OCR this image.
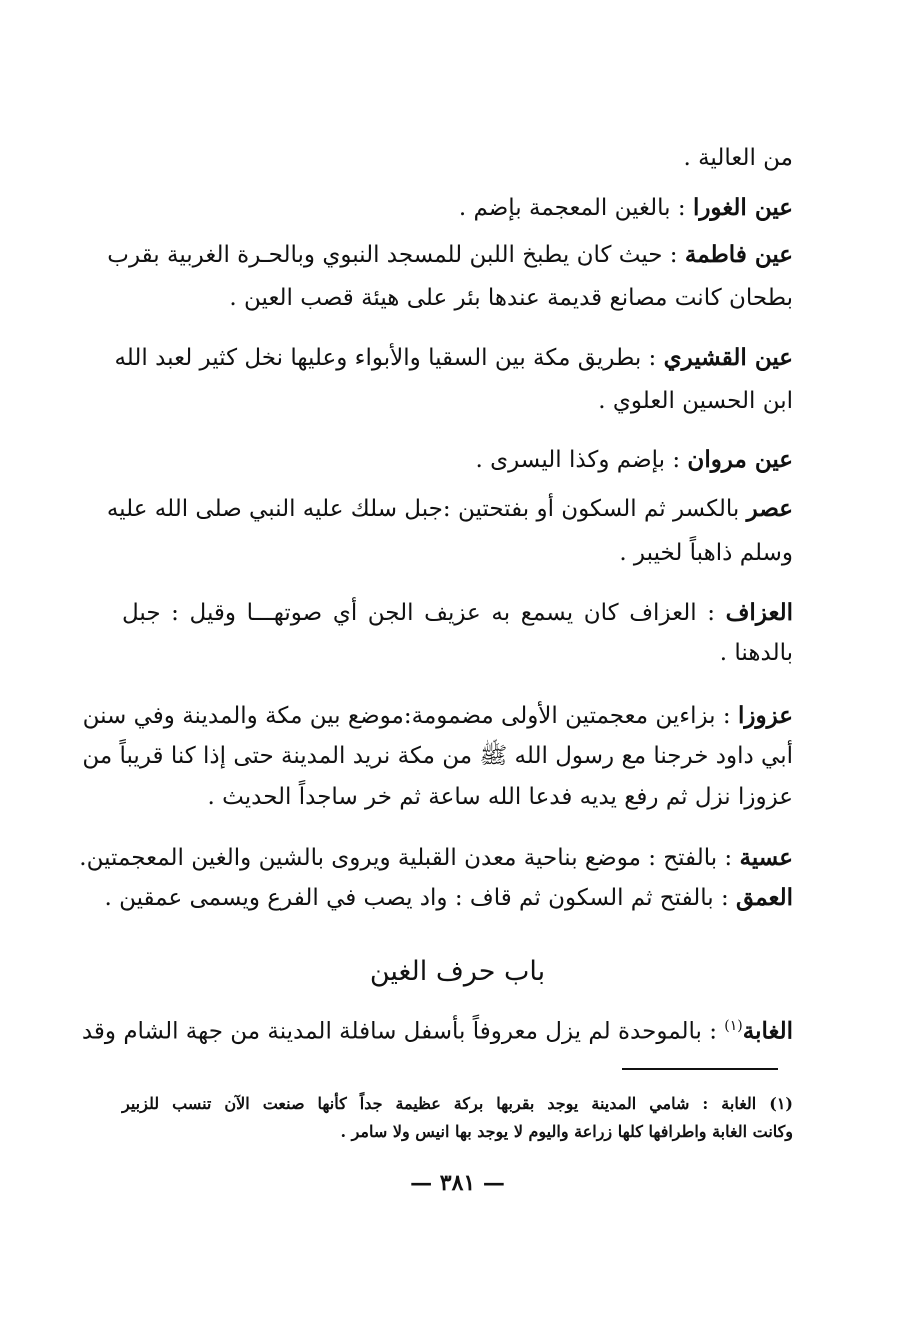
من العالية .
عين الغورا : بالغين المعجمة بإضم .
عين فاطمة : حيث كان يطبخ اللبن للمسجد النبوي وبالحـرة الغربية بقرب
بطحان كانت مصانع قديمة عندها بئر على هيئة قصب العين .
عين القشيري : بطريق مكة بين السقيا والأبواء وعليها نخل كثير لعبد الله
ابن الحسين العلوي .
عين مروان : بإضم وكذا اليسرى .
عصر بالكسر ثم السكون أو بفتحتين :جبل سلك عليه النبي صلى الله عليه
وسلم ذاهباً لخيبر .
العزاف : العزاف كان يسمع به عزيف الجن أي صوتهـــا وقيل : جبل
بالدهنا .
عزوزا : بزاءين معجمتين الأولى مضمومة:موضع بين مكة والمدينة وفي سنن
أبي داود خرجنا مع رسول الله ﷺ من مكة نريد المدينة حتى إذا كنا قريباً من
عزوزا نزل ثم رفع يديه فدعا الله ساعة ثم خر ساجداً الحديث .
عسية : بالفتح : موضع بناحية معدن القبلية ويروى بالشين والغين المعجمتين.
العمق : بالفتح ثم السكون ثم قاف : واد يصب في الفرع ويسمى عمقين .
باب حرف الغين
الغابة$^{(١)}$ : بالموحدة لم يزل معروفاً بأسفل سافلة المدينة من جهة الشام وقد
(١) الغابة : شامي المدينة يوجد بقربها بركة عظيمة جداً كأنها صنعت الآن تنسب للزبير
وكانت الغابة واطرافها كلها زراعة واليوم لا يوجد بها انيس ولا سامر .
— ٣٨١ —
